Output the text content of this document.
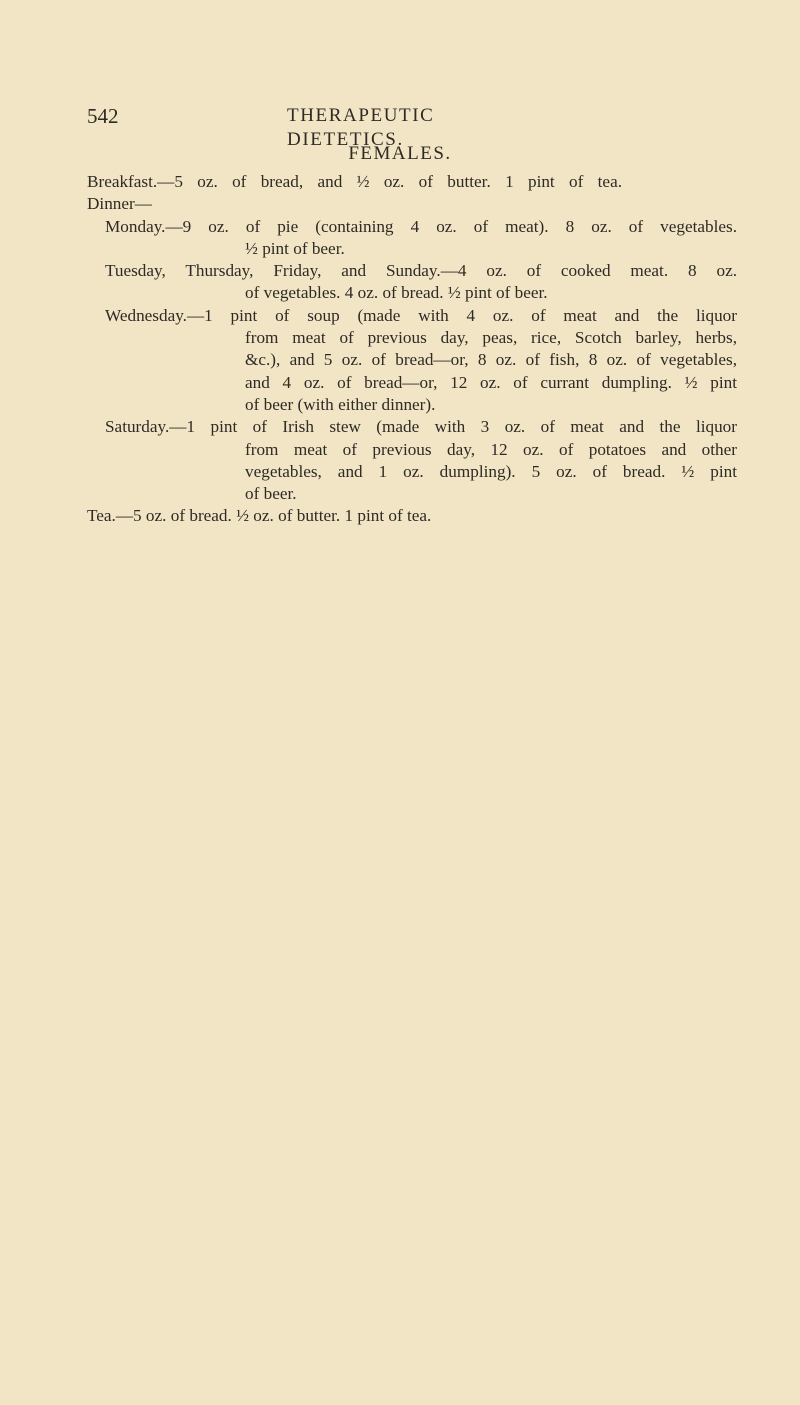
542	THERAPEUTIC DIETETICS.
FEMALES.
Breakfast.—5 oz. of bread, and ½ oz. of butter. 1 pint of tea.
Dinner—
Monday.—9 oz. of pie (containing 4 oz. of meat). 8 oz. of vegetables.
½ pint of beer.
Tuesday, Thursday, Friday, and Sunday.—4 oz. of cooked meat. 8 oz.
of vegetables. 4 oz. of bread. ½ pint of beer.
Wednesday.—1 pint of soup (made with 4 oz. of meat and the liquor
from meat of previous day, peas, rice, Scotch barley, herbs,
&c.), and 5 oz. of bread—or, 8 oz. of fish, 8 oz. of vegetables,
and 4 oz. of bread—or, 12 oz. of currant dumpling. ½ pint
of beer (with either dinner).
Saturday.—1 pint of Irish stew (made with 3 oz. of meat and the liquor
from meat of previous day, 12 oz. of potatoes and other
vegetables, and 1 oz. dumpling). 5 oz. of bread. ½ pint
of beer.
Tea.—5 oz. of bread. ½ oz. of butter. 1 pint of tea.
